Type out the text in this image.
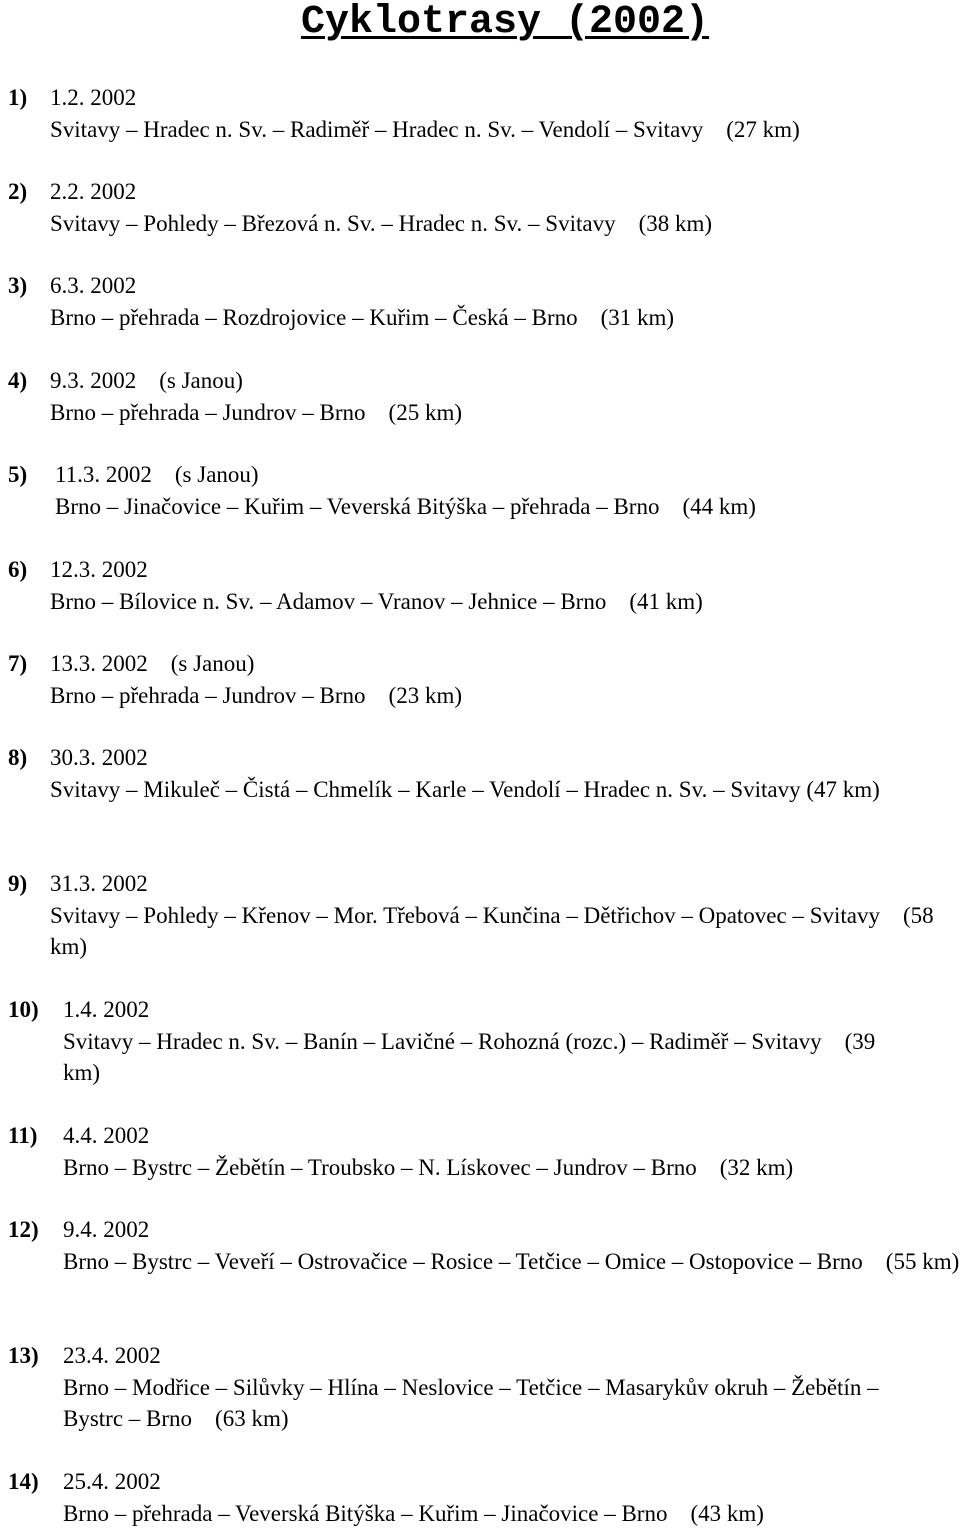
Cyklotrasy (2002)
1) 1.2. 2002
Svitavy – Hradec n. Sv. – Radiměř – Hradec n. Sv. – Vendolí – Svitavy    (27 km)
2) 2.2. 2002
Svitavy – Pohledy – Březová n. Sv. – Hradec n. Sv. – Svitavy    (38 km)
3) 6.3. 2002
Brno – přehrada – Rozdrojovice – Kuřim – Česká – Brno    (31 km)
4) 9.3. 2002    (s Janou)
Brno – přehrada – Jundrov – Brno    (25 km)
5)	11.3. 2002    (s Janou)
Brno – Jinačovice – Kuřim – Veverská Bitýška – přehrada – Brno    (44 km)
6) 12.3. 2002
Brno – Bílovice n. Sv. – Adamov – Vranov – Jehnice – Brno    (41 km)
7) 13.3. 2002    (s Janou)
Brno – přehrada – Jundrov – Brno    (23 km)
8) 30.3. 2002
Svitavy – Mikuleč – Čistá – Chmelík – Karle – Vendolí – Hradec n. Sv. – Svitavy (47 km)
9) 31.3. 2002
Svitavy – Pohledy – Křenov – Mor. Třebová – Kunčina – Dětřichov – Opatovec – Svitavy    (58 km)
10)	1.4. 2002
Svitavy – Hradec n. Sv. – Banín – Lavičné – Rohozná (rozc.) – Radiměř – Svitavy    (39 km)
11)	4.4. 2002
Brno – Bystrc – Žebětín – Troubsko – N. Lískovec – Jundrov – Brno    (32 km)
12)	9.4. 2002
Brno – Bystrc – Veveří – Ostrovačice – Rosice – Tetčice – Omice – Ostopovice – Brno    (55 km)
13)	23.4. 2002
Brno – Modřice – Silůvky – Hlína – Neslovice – Tetčice – Masarykův okruh – Žebětín – Bystrc – Brno    (63 km)
14)	25.4. 2002
Brno – přehrada – Veverská Bitýška – Kuřim – Jinačovice – Brno    (43 km)
